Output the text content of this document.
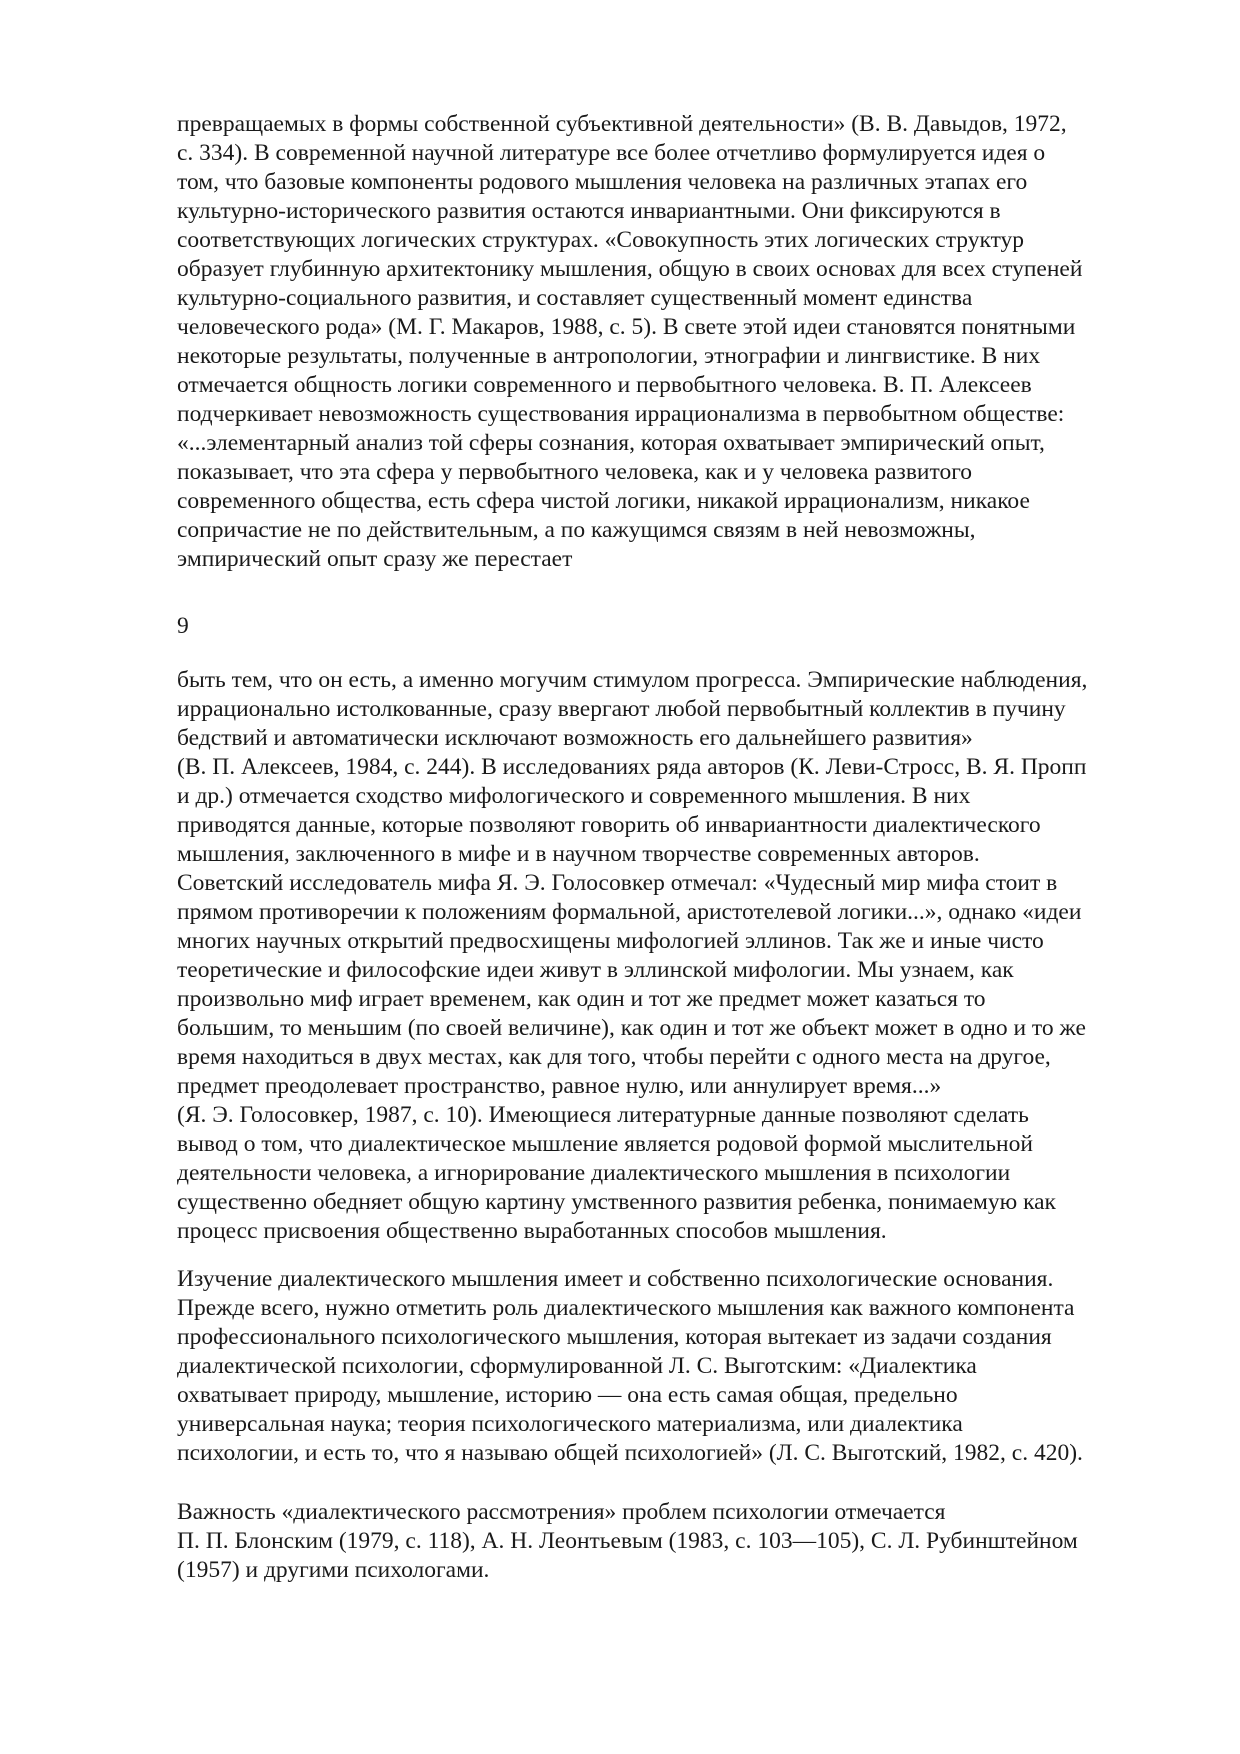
превращаемых в формы собственной субъективной деятельности» (В. В. Давыдов, 1972,
с. 334). В современной научной литературе все более отчетливо формулируется идея о
том, что базовые компоненты родового мышления человека на различных этапах его
культурно-исторического развития остаются инвариантными. Они фиксируются в
соответствующих логических структурах. «Совокупность этих логических структур
образует глубинную архитектонику мышления, общую в своих основах для всех ступеней
культурно-социального развития, и составляет существенный момент единства
человеческого рода» (М. Г. Макаров, 1988, с. 5). В свете этой идеи становятся понятными
некоторые результаты, полученные в антропологии, этнографии и лингвистике. В них
отмечается общность логики современного и первобытного человека. В. П. Алексеев
подчеркивает невозможность существования иррационализма в первобытном обществе:
«...элементарный анализ той сферы сознания, которая охватывает эмпирический опыт,
показывает, что эта сфера у первобытного человека, как и у человека развитого
современного общества, есть сфера чистой логики, никакой иррационализм, никакое
сопричастие не по действительным, а по кажущимся связям в ней невозможны,
эмпирический опыт сразу же перестает
9
быть тем, что он есть, а именно могучим стимулом прогресса. Эмпирические наблюдения,
иррационально истолкованные, сразу ввергают любой первобытный коллектив в пучину
бедствий и автоматически исключают возможность его дальнейшего развития»
(В. П. Алексеев, 1984, с. 244). В исследованиях ряда авторов (К. Леви-Стросс, В. Я. Пропп
и др.) отмечается сходство мифологического и современного мышления. В них
приводятся данные, которые позволяют говорить об инвариантности диалектического
мышления, заключенного в мифе и в научном творчестве современных авторов.
Советский исследователь мифа Я. Э. Голосовкер отмечал: «Чудесный мир мифа стоит в
прямом противоречии к положениям формальной, аристотелевой логики...», однако «идеи
многих научных открытий предвосхищены мифологией эллинов. Так же и иные чисто
теоретические и философские идеи живут в эллинской мифологии. Мы узнаем, как
произвольно миф играет временем, как один и тот же предмет может казаться то
большим, то меньшим (по своей величине), как один и тот же объект может в одно и то же
время находиться в двух местах, как для того, чтобы перейти с одного места на другое,
предмет преодолевает пространство, равное нулю, или аннулирует время...»
(Я. Э. Голосовкер, 1987, с. 10). Имеющиеся литературные данные позволяют сделать
вывод о том, что диалектическое мышление является родовой формой мыслительной
деятельности человека, а игнорирование диалектического мышления в психологии
существенно обедняет общую картину умственного развития ребенка, понимаемую как
процесс присвоения общественно выработанных способов мышления.
Изучение диалектического мышления имеет и собственно психологические основания.
Прежде всего, нужно отметить роль диалектического мышления как важного компонента
профессионального психологического мышления, которая вытекает из задачи создания
диалектической психологии, сформулированной Л. С. Выготским: «Диалектика
охватывает природу, мышление, историю — она есть самая общая, предельно
универсальная наука; теория психологического материализма, или диалектика
психологии, и есть то, что я называю общей психологией» (Л. С. Выготский, 1982, с. 420).
Важность «диалектического рассмотрения» проблем психологии отмечается
П. П. Блонским (1979, с. 118), А. Н. Леонтьевым (1983, с. 103—105), С. Л. Рубинштейном
(1957) и другими психологами.
